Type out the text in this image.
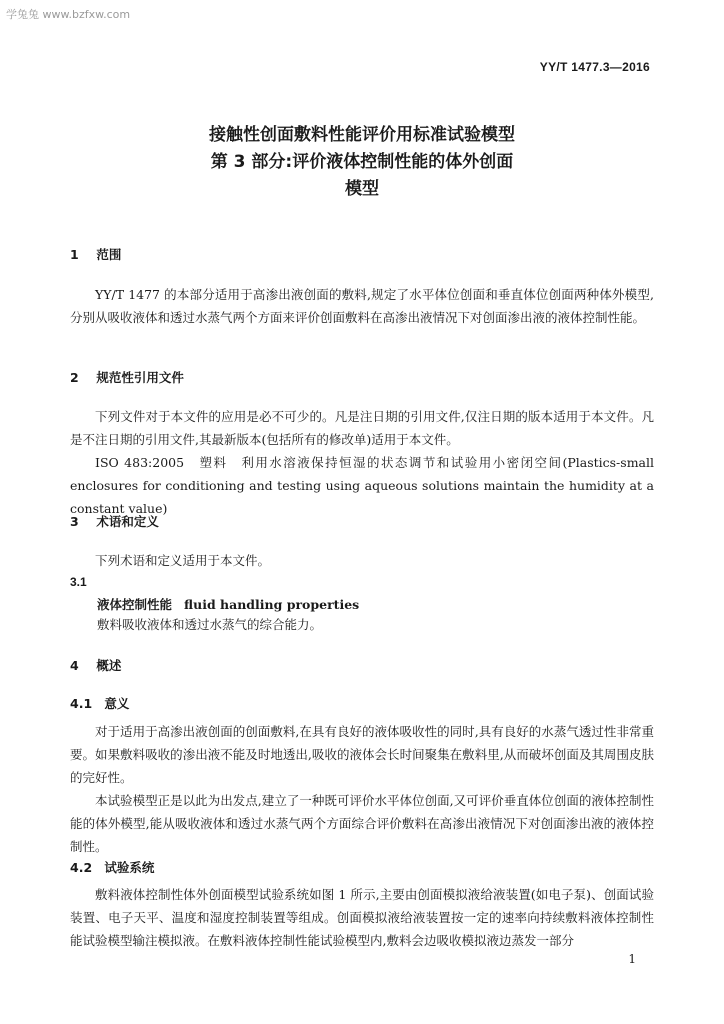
学兔兔 www.bzfxw.com
YY/T 1477.3—2016
接触性创面敷料性能评价用标准试验模型
第 3 部分:评价液体控制性能的体外创面
模型
1 范围
YY/T 1477 的本部分适用于高渗出液创面的敷料,规定了水平体位创面和垂直体位创面两种体外模型,分别从吸收液体和透过水蒸气两个方面来评价创面敷料在高渗出液情况下对创面渗出液的液体控制性能。
2 规范性引用文件
下列文件对于本文件的应用是必不可少的。凡是注日期的引用文件,仅注日期的版本适用于本文件。凡是不注日期的引用文件,其最新版本(包括所有的修改单)适用于本文件。
ISO 483:2005　塑料　利用水溶液保持恒湿的状态调节和试验用小密闭空间(Plastics-small enclosures for conditioning and testing using aqueous solutions maintain the humidity at a constant value)
3 术语和定义
下列术语和定义适用于本文件。
3.1
液体控制性能 fluid handling properties
敷料吸收液体和透过水蒸气的综合能力。
4 概述
4.1 意义
对于适用于高渗出液创面的创面敷料,在具有良好的液体吸收性的同时,具有良好的水蒸气透过性非常重要。如果敷料吸收的渗出液不能及时地透出,吸收的液体会长时间聚集在敷料里,从而破坏创面及其周围皮肤的完好性。
本试验模型正是以此为出发点,建立了一种既可评价水平体位创面,又可评价垂直体位创面的液体控制性能的体外模型,能从吸收液体和透过水蒸气两个方面综合评价敷料在高渗出液情况下对创面渗出液的液体控制性。
4.2 试验系统
敷料液体控制性体外创面模型试验系统如图 1 所示,主要由创面模拟液给液装置(如电子泵)、创面试验装置、电子天平、温度和湿度控制装置等组成。创面模拟液给液装置按一定的速率向持续敷料液体控制性能试验模型输注模拟液。在敷料液体控制性能试验模型内,敷料会边吸收模拟液边蒸发一部分
1
